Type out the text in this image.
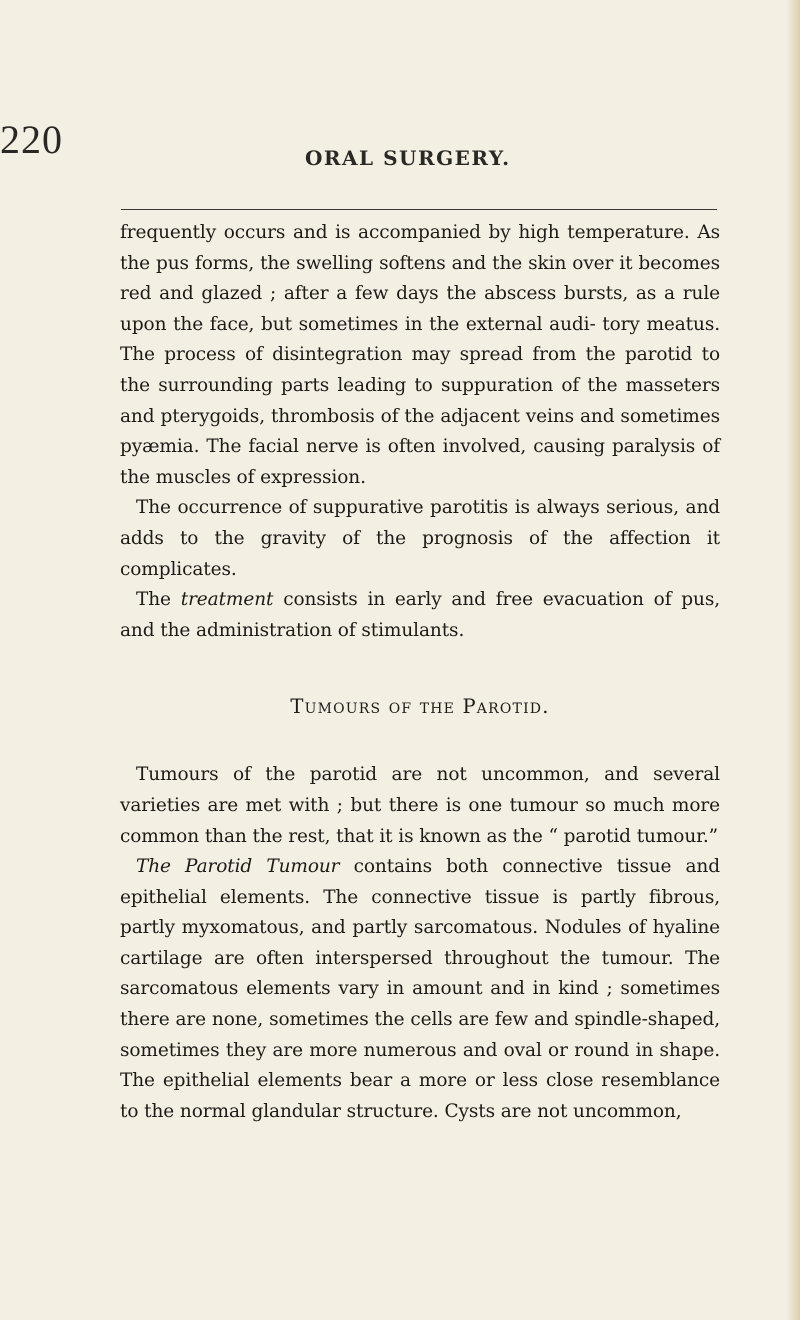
220	ORAL SURGERY.

frequently occurs and is accompanied by high temperature. As the pus forms, the swelling softens and the skin over it becomes red and glazed ; after a few days the abscess bursts, as a rule upon the face, but sometimes in the external audi- tory meatus. The process of disintegration may spread from the parotid to the surrounding parts leading to suppuration of the masseters and pterygoids, thrombosis of the adjacent veins and sometimes pyæmia. The facial nerve is often involved, causing paralysis of the muscles of expression.

The occurrence of suppurative parotitis is always serious, and adds to the gravity of the prognosis of the affection it complicates.

The treatment consists in early and free evacuation of pus, and the administration of stimulants.

Tumours of the Parotid.

Tumours of the parotid are not uncommon, and several varieties are met with ; but there is one tumour so much more common than the rest, that it is known as the “ parotid tumour.”

The Parotid Tumour contains both connective tissue and epithelial elements. The connective tissue is partly fibrous, partly myxomatous, and partly sarcomatous. Nodules of hyaline cartilage are often interspersed throughout the tumour. The sarcomatous elements vary in amount and in kind ; sometimes there are none, sometimes the cells are few and spindle-shaped, sometimes they are more numerous and oval or round in shape. The epithelial elements bear a more or less close resemblance to the normal glandular structure. Cysts are not uncommon,
